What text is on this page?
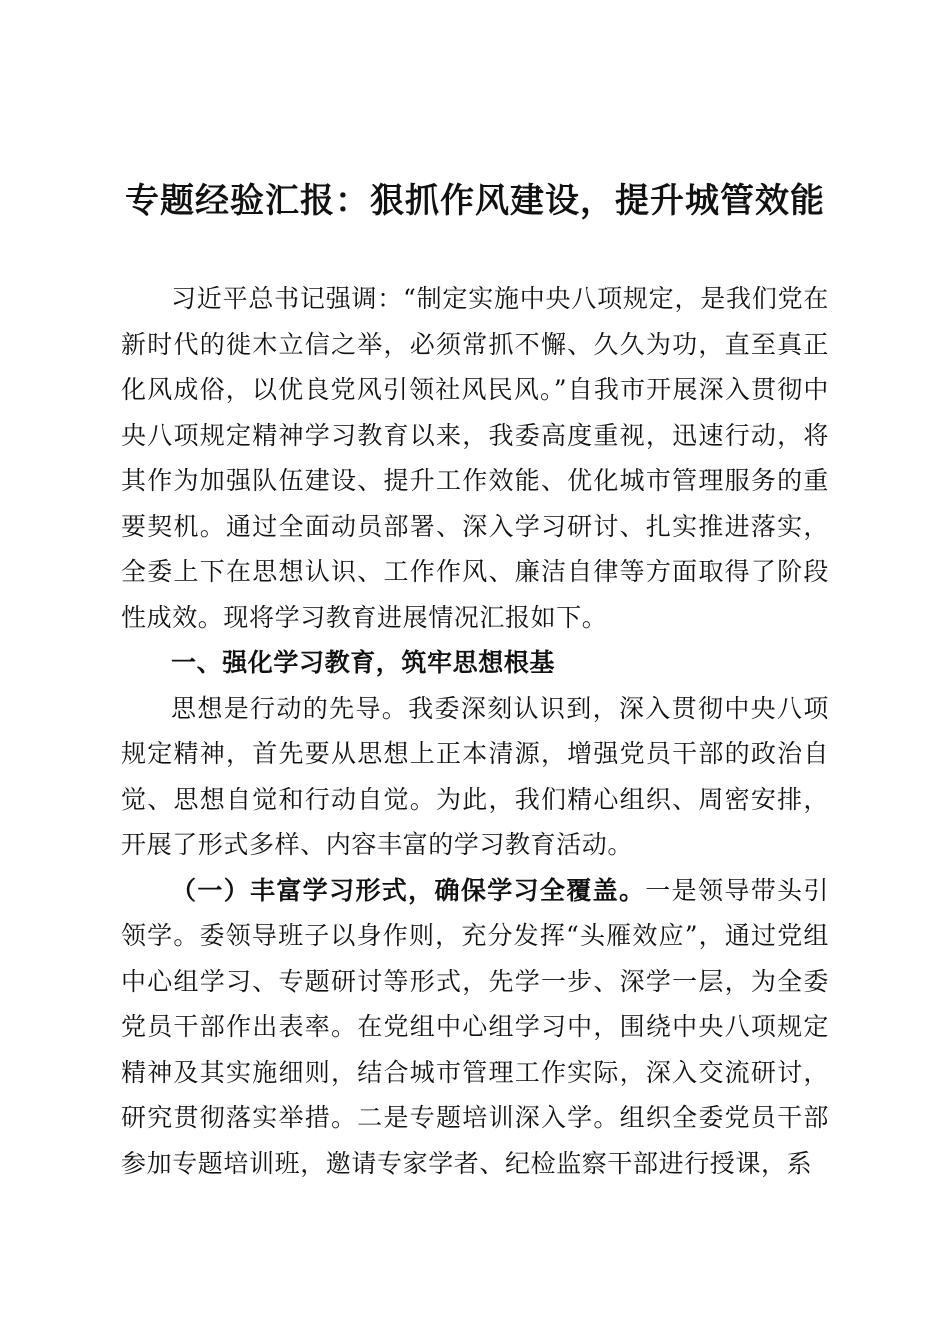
专题经验汇报：狠抓作风建设，提升城管效能

习近平总书记强调：“制定实施中央八项规定，是我们党在新时代的徙木立信之举，必须常抓不懈、久久为功，直至真正化风成俗，以优良党风引领社风民风。”自我市开展深入贯彻中央八项规定精神学习教育以来，我委高度重视，迅速行动，将其作为加强队伍建设、提升工作效能、优化城市管理服务的重要契机。通过全面动员部署、深入学习研讨、扎实推进落实，全委上下在思想认识、工作作风、廉洁自律等方面取得了阶段性成效。现将学习教育进展情况汇报如下。

一、强化学习教育，筑牢思想根基

思想是行动的先导。我委深刻认识到，深入贯彻中央八项规定精神，首先要从思想上正本清源，增强党员干部的政治自觉、思想自觉和行动自觉。为此，我们精心组织、周密安排，开展了形式多样、内容丰富的学习教育活动。

（一）丰富学习形式，确保学习全覆盖。一是领导带头引领学。委领导班子以身作则，充分发挥“头雁效应”，通过党组中心组学习、专题研讨等形式，先学一步、深学一层，为全委党员干部作出表率。在党组中心组学习中，围绕中央八项规定精神及其实施细则，结合城市管理工作实际，深入交流研讨，研究贯彻落实举措。二是专题培训深入学。组织全委党员干部参加专题培训班，邀请专家学者、纪检监察干部进行授课，系
